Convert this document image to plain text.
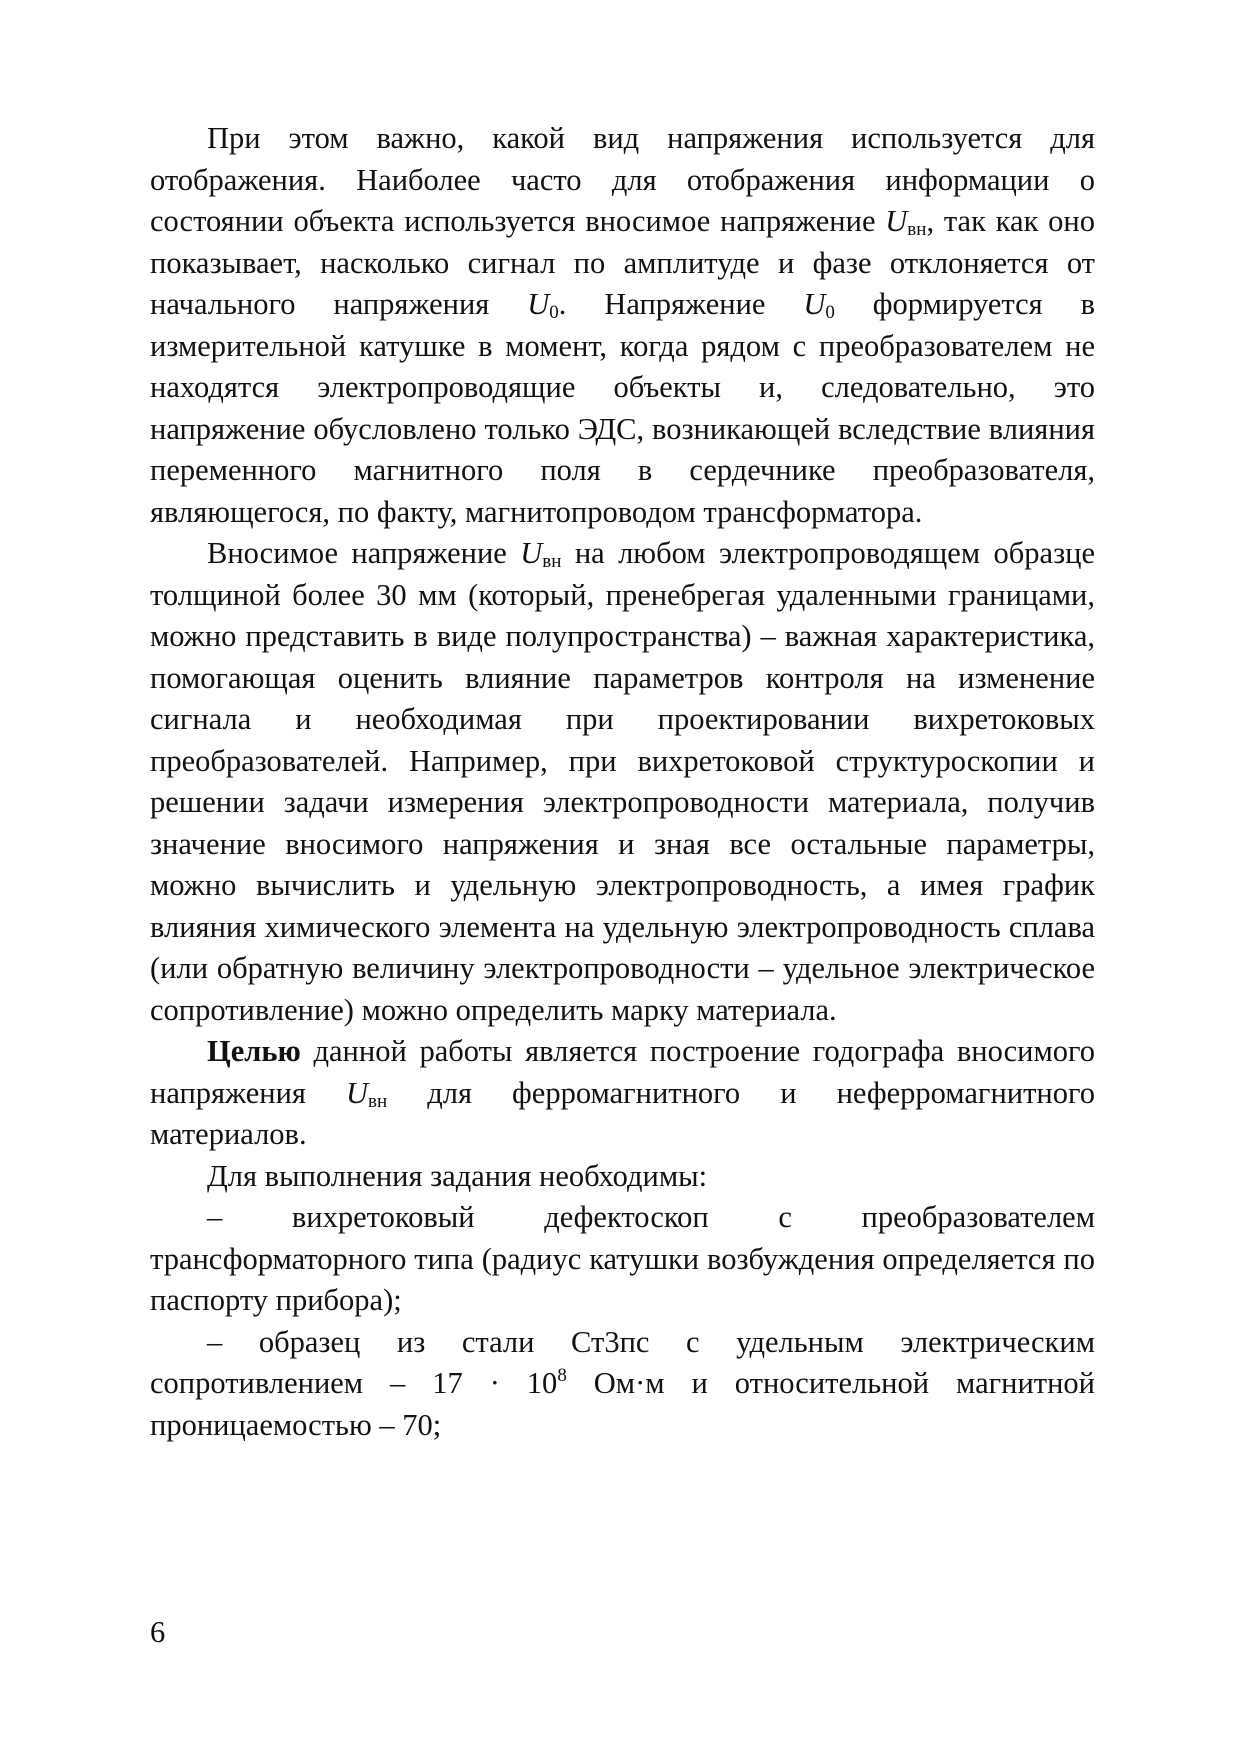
При этом важно, какой вид напряжения используется для отображения. Наиболее часто для отображения информации о состоянии объекта используется вносимое напряжение $U_{вн}$, так как оно показывает, насколько сигнал по амплитуде и фазе отклоняется от начального напряжения $U_0$. Напряжение $U_0$ формируется в измерительной катушке в момент, когда рядом с преобразователем не находятся электропроводящие объекты и, следовательно, это напряжение обусловлено только ЭДС, возникающей вследствие влияния переменного магнитного поля в сердечнике преобразователя, являющегося, по факту, магнитопроводом трансформатора.

Вносимое напряжение $U_{вн}$ на любом электропроводящем образце толщиной более 30 мм (который, пренебрегая удаленными границами, можно представить в виде полупространства) – важная характеристика, помогающая оценить влияние параметров контроля на изменение сигнала и необходимая при проектировании вихретоковых преобразователей. Например, при вихретоковой структуроскопии и решении задачи измерения электропроводности материала, получив значение вносимого напряжения и зная все остальные параметры, можно вычислить и удельную электропроводность, а имея график влияния химического элемента на удельную электропроводность сплава (или обратную величину электропроводности – удельное электрическое сопротивление) можно определить марку материала.

Целью данной работы является построение годографа вносимого напряжения $U_{вн}$ для ферромагнитного и неферромагнитного материалов.

Для выполнения задания необходимы:

– вихретоковый дефектоскоп с преобразователем трансформаторного типа (радиус катушки возбуждения определяется по паспорту прибора);

– образец из стали Ст3пс с удельным электрическим сопротивлением – $17 \cdot 10^8$ Ом·м и относительной магнитной проницаемостью – 70;

6
